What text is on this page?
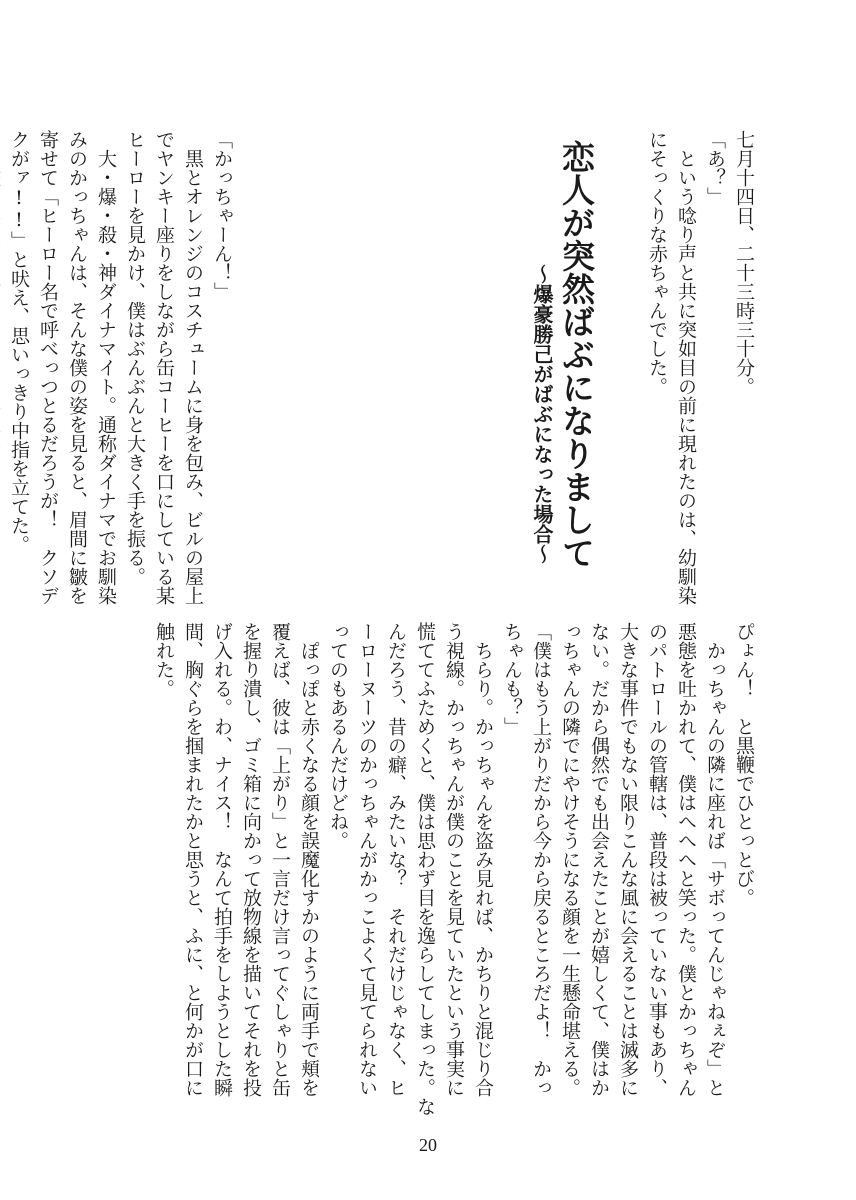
七月十四日、二十三時三十分。
「あ？」
　という唸り声と共に突如目の前に現れたのは、幼馴染
にそっくりな赤ちゃんでした。
恋人が突然ばぶになりまして
～爆豪勝己がばぶになった場合～
「かっちゃーん！」
　黒とオレンジのコスチュームに身を包み、ビルの屋上
でヤンキー座りをしながら缶コーヒーを口にしている某
ヒーローを見かけ、僕はぶんぶんと大きく手を振る。
　大・爆・殺・神ダイナマイト。通称ダイナマでお馴染
みのかっちゃんは、そんな僕の姿を見ると、眉間に皺を
寄せて「ヒーロー名で呼べっつとるだろうが！　クソデ
クがァ!!」と吠え、思いっきり中指を立てた。
ぴょん！　と黒鞭でひとっとび。
　かっちゃんの隣に座れば「サボってんじゃねぇぞ」と
悪態を吐かれて、僕はへへへと笑った。僕とかっちゃん
のパトロールの管轄は、普段は被っていない事もあり、
大きな事件でもない限りこんな風に会えることは滅多に
ない。だから偶然でも出会えたことが嬉しくて、僕はか
っちゃんの隣でにやけそうになる顔を一生懸命堪える。
「僕はもう上がりだから今から戻るところだよ！　かっ
ちゃんも？」
　ちらり。かっちゃんを盗み見れば、かちりと混じり合
う視線。かっちゃんが僕のことを見ていたという事実に
慌ててふためくと、僕は思わず目を逸らしてしまった。な
んだろう、昔の癖、みたいな？　それだけじゃなく、ヒ
ーローヌーツのかっちゃんがかっこよくて見てられない
ってのもあるんだけどね。
　ぽっぽと赤くなる顔を誤魔化すかのように両手で頬を
覆えば、彼は「上がり」と一言だけ言ってぐしゃりと缶
を握り潰し、ゴミ箱に向かって放物線を描いてそれを投
げ入れる。わ、ナイス！　なんて拍手をしようとした瞬
間、胸ぐらを掴まれたかと思うと、ふに、と何かが口に
触れた。
20
